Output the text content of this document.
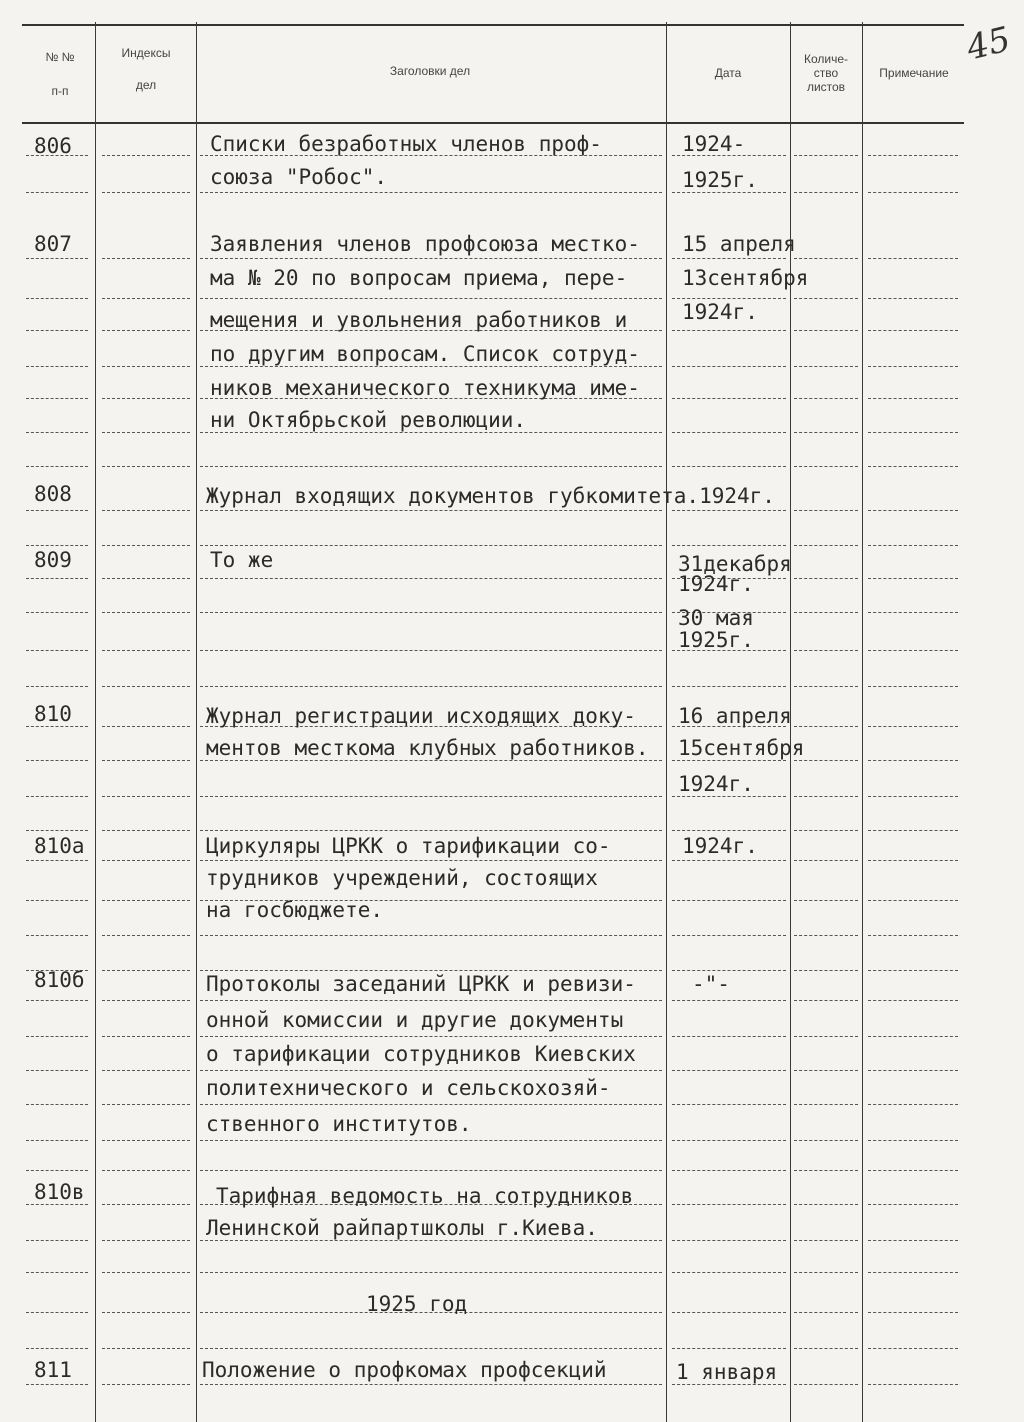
45
№ №
п-п
Индексы
дел
Заголовки дел	Дата
Количе-
ство
листов
Примечание
806	Списки безработных членов проф-
союза "Робос".
1924-
1925г.
807	Заявления членов профсоюза местко-
ма № 20 по вопросам приема, пере-
мещения и увольнения работников и
по другим вопросам. Список сотруд-
ников механического техникума име-
ни Октябрьской революции.
15 апреля
13сентября
1924г.
808	Журнал входящих документов губкомитета.1924г.
809	То же	31декабря
1924г.
30 мая
1925г.
810	Журнал регистрации исходящих доку-
ментов месткома клубных работников.
16 апреля
15сентября
1924г.
810а	Циркуляры ЦРКК о тарификации со-
трудников учреждений, состоящих
на госбюджете.
1924г.
810б	Протоколы заседаний ЦРКК и ревизи-
онной комиссии и другие документы
о тарификации сотрудников Киевских
политехнического и сельскохозяй-
ственного институтов.
-"-
810в	Тарифная ведомость на сотрудников
Ленинской райпартшколы г.Киева.
1925 год
811	Положение о профкомах профсекций	1 января
